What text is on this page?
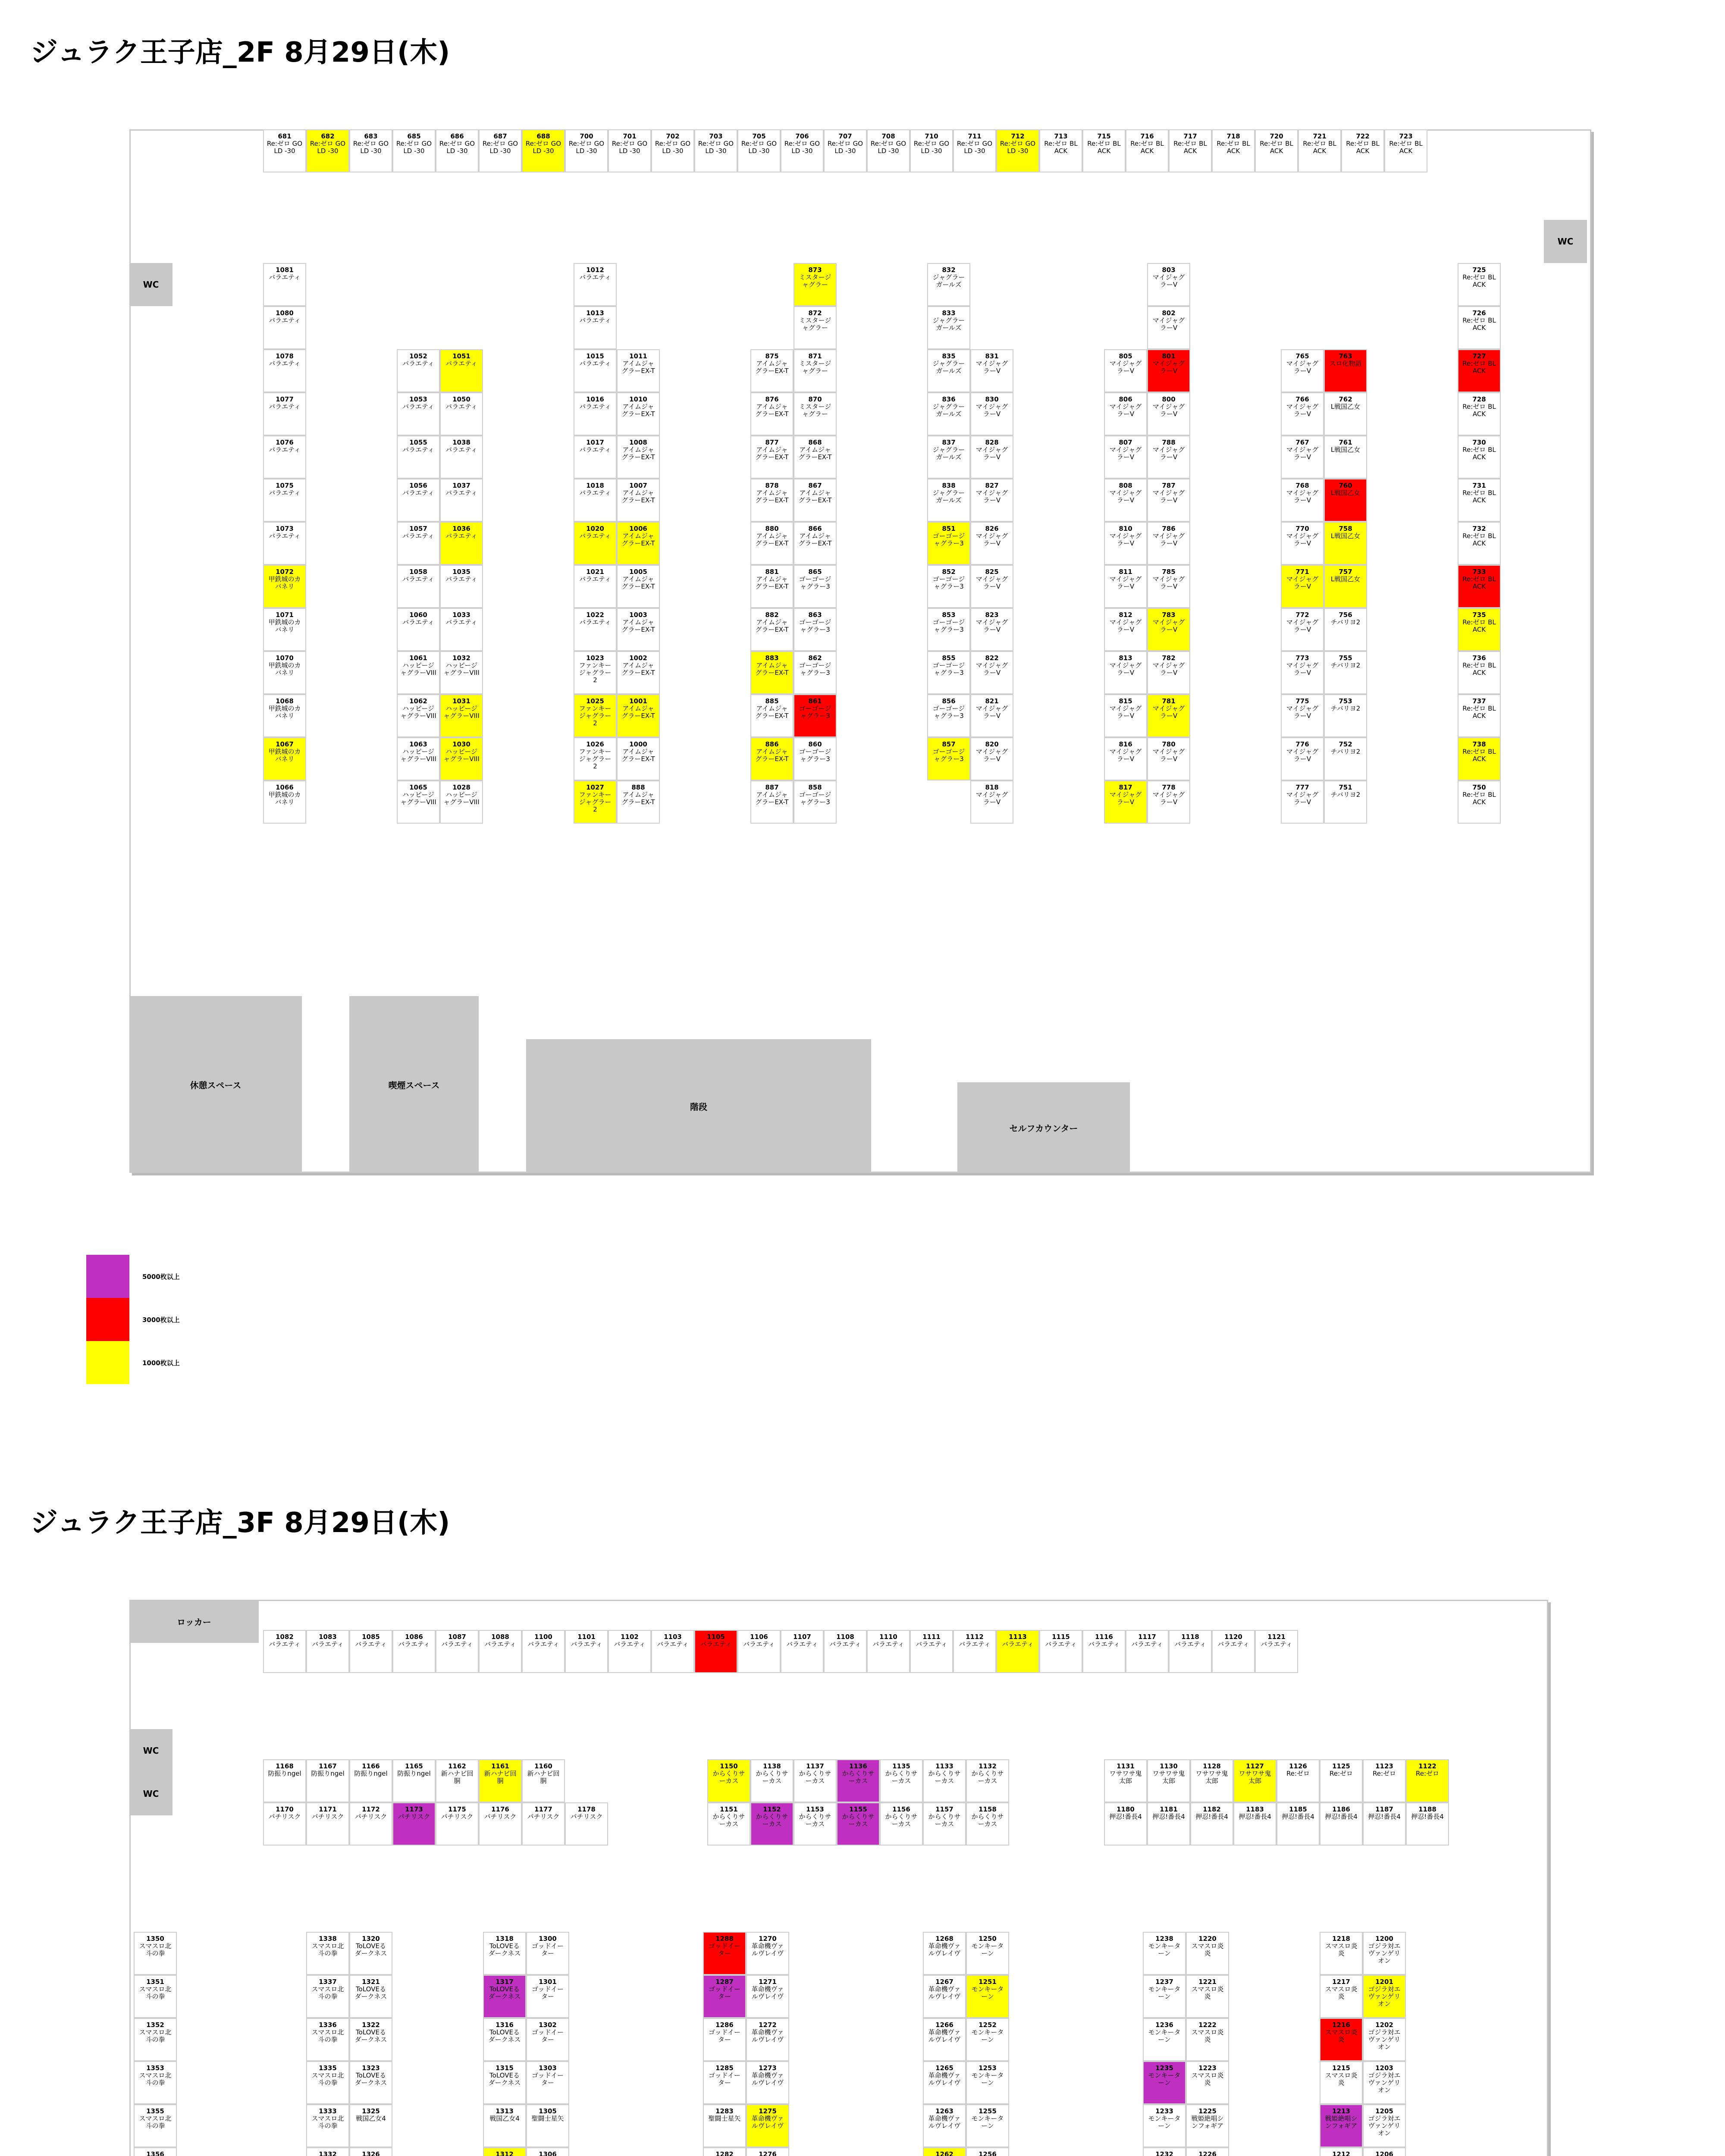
ジュラク王子店_2F 8月29日(木)
WC
WC
休憩スペース	喫煙スペース
階段
セルフカウンター
681
Re:ゼロ GOLD -30
682
Re:ゼロ GOLD -30
683
Re:ゼロ GOLD -30
685
Re:ゼロ GOLD -30
686
Re:ゼロ GOLD -30
687
Re:ゼロ GOLD -30
688
Re:ゼロ GOLD -30
700
Re:ゼロ GOLD -30
701
Re:ゼロ GOLD -30
702
Re:ゼロ GOLD -30
703
Re:ゼロ GOLD -30
705
Re:ゼロ GOLD -30
706
Re:ゼロ GOLD -30
707
Re:ゼロ GOLD -30
708
Re:ゼロ GOLD -30
710
Re:ゼロ GOLD -30
711
Re:ゼロ GOLD -30
712
Re:ゼロ GOLD -30
713
Re:ゼロ BLACK
715
Re:ゼロ BLACK
716
Re:ゼロ BLACK
717
Re:ゼロ BLACK
718
Re:ゼロ BLACK
720
Re:ゼロ BLACK
721
Re:ゼロ BLACK
722
Re:ゼロ BLACK
723
Re:ゼロ BLACK
1081
バラエティ
1080
バラエティ
1078
バラエティ
1077
バラエティ
1076
バラエティ
1075
バラエティ
1073
バラエティ
1072
甲鉄城のカバネリ
1071
甲鉄城のカバネリ
1070
甲鉄城のカバネリ
1068
甲鉄城のカバネリ
1067
甲鉄城のカバネリ
1066
甲鉄城のカバネリ
1052
バラエティ
1053
バラエティ
1055
バラエティ
1056
バラエティ
1057
バラエティ
1058
バラエティ
1060
バラエティ
1061
ハッピージャグラーVIII
1062
ハッピージャグラーVIII
1063
ハッピージャグラーVIII
1065
ハッピージャグラーVIII
1051
バラエティ
1050
バラエティ
1038
バラエティ
1037
バラエティ
1036
バラエティ
1035
バラエティ
1033
バラエティ
1032
ハッピージャグラーVIII
1031
ハッピージャグラーVIII
1030
ハッピージャグラーVIII
1028
ハッピージャグラーVIII
1012
バラエティ
1013
バラエティ
1015
バラエティ
1016
バラエティ
1017
バラエティ
1018
バラエティ
1020
バラエティ
1021
バラエティ
1022
バラエティ
1023
ファンキージャグラー2
1025
ファンキージャグラー2
1026
ファンキージャグラー2
1027
ファンキージャグラー2
1011
アイムジャグラーEX-T
1010
アイムジャグラーEX-T
1008
アイムジャグラーEX-T
1007
アイムジャグラーEX-T
1006
アイムジャグラーEX-T
1005
アイムジャグラーEX-T
1003
アイムジャグラーEX-T
1002
アイムジャグラーEX-T
1001
アイムジャグラーEX-T
1000
アイムジャグラーEX-T
888
アイムジャグラーEX-T
875
アイムジャグラーEX-T
876
アイムジャグラーEX-T
877
アイムジャグラーEX-T
878
アイムジャグラーEX-T
880
アイムジャグラーEX-T
881
アイムジャグラーEX-T
882
アイムジャグラーEX-T
883
アイムジャグラーEX-T
885
アイムジャグラーEX-T
886
アイムジャグラーEX-T
887
アイムジャグラーEX-T
873
ミスタージャグラー
872
ミスタージャグラー
871
ミスタージャグラー
870
ミスタージャグラー
868
アイムジャグラーEX-T
867
アイムジャグラーEX-T
866
アイムジャグラーEX-T
865
ゴーゴージャグラー3
863
ゴーゴージャグラー3
862
ゴーゴージャグラー3
861
ゴーゴージャグラー3
860
ゴーゴージャグラー3
858
ゴーゴージャグラー3
832
ジャグラーガールズ
833
ジャグラーガールズ
835
ジャグラーガールズ
836
ジャグラーガールズ
837
ジャグラーガールズ
838
ジャグラーガールズ
851
ゴーゴージャグラー3
852
ゴーゴージャグラー3
853
ゴーゴージャグラー3
855
ゴーゴージャグラー3
856
ゴーゴージャグラー3
857
ゴーゴージャグラー3
831
マイジャグラーV
830
マイジャグラーV
828
マイジャグラーV
827
マイジャグラーV
826
マイジャグラーV
825
マイジャグラーV
823
マイジャグラーV
822
マイジャグラーV
821
マイジャグラーV
820
マイジャグラーV
818
マイジャグラーV
805
マイジャグラーV
806
マイジャグラーV
807
マイジャグラーV
808
マイジャグラーV
810
マイジャグラーV
811
マイジャグラーV
812
マイジャグラーV
813
マイジャグラーV
815
マイジャグラーV
816
マイジャグラーV
817
マイジャグラーV
803
マイジャグラーV
802
マイジャグラーV
801
マイジャグラーV
800
マイジャグラーV
788
マイジャグラーV
787
マイジャグラーV
786
マイジャグラーV
785
マイジャグラーV
783
マイジャグラーV
782
マイジャグラーV
781
マイジャグラーV
780
マイジャグラーV
778
マイジャグラーV
765
マイジャグラーV
766
マイジャグラーV
767
マイジャグラーV
768
マイジャグラーV
770
マイジャグラーV
771
マイジャグラーV
772
マイジャグラーV
773
マイジャグラーV
775
マイジャグラーV
776
マイジャグラーV
777
マイジャグラーV
763
スロ化物語
762
L戦国乙女
761
L戦国乙女
760
L戦国乙女
758
L戦国乙女
757
L戦国乙女
756
チバリヨ2
755
チバリヨ2
753
チバリヨ2
752
チバリヨ2
751
チバリヨ2
725
Re:ゼロ BLACK
726
Re:ゼロ BLACK
727
Re:ゼロ BLACK
728
Re:ゼロ BLACK
730
Re:ゼロ BLACK
731
Re:ゼロ BLACK
732
Re:ゼロ BLACK
733
Re:ゼロ BLACK
735
Re:ゼロ BLACK
736
Re:ゼロ BLACK
737
Re:ゼロ BLACK
738
Re:ゼロ BLACK
750
Re:ゼロ BLACK
5000枚以上
3000枚以上
1000枚以上
ジュラク王子店_3F 8月29日(木)
ロッカー
WC
WC
1082
バラエティ
1083
バラエティ
1085
バラエティ
1086
バラエティ
1087
バラエティ
1088
バラエティ
1100
バラエティ
1101
バラエティ
1102
バラエティ
1103
バラエティ
1105
バラエティ
1106
バラエティ
1107
バラエティ
1108
バラエティ
1110
バラエティ
1111
バラエティ
1112
バラエティ
1113
バラエティ
1115
バラエティ
1116
バラエティ
1117
バラエティ
1118
バラエティ
1120
バラエティ
1121
バラエティ
1168
防振りngel
1167
防振りngel
1166
防振りngel
1165
防振りngel
1162
新ハナビ回胴
1161
新ハナビ回胴
1160
新ハナビ回胴
1170
パチリスク
1171
パチリスク
1172
パチリスク
1173
パチリスク
1175
パチリスク
1176
パチリスク
1177
パチリスク
1178
パチリスク
1150
からくりサーカス
1138
からくりサーカス
1137
からくりサーカス
1136
からくりサーカス
1135
からくりサーカス
1133
からくりサーカス
1132
からくりサーカス
1151
からくりサーカス
1152
からくりサーカス
1153
からくりサーカス
1155
からくりサーカス
1156
からくりサーカス
1157
からくりサーカス
1158
からくりサーカス
1131
ワサワサ鬼太郎
1130
ワサワサ鬼太郎
1128
ワサワサ鬼太郎
1127
ワサワサ鬼太郎
1126
Re:ゼロ
1125
Re:ゼロ
1123
Re:ゼロ
1122
Re:ゼロ
1180
押忍!番長4
1181
押忍!番長4
1182
押忍!番長4
1183
押忍!番長4
1185
押忍!番長4
1186
押忍!番長4
1187
押忍!番長4
1188
押忍!番長4
1350
スマスロ北斗の拳
1351
スマスロ北斗の拳
1352
スマスロ北斗の拳
1353
スマスロ北斗の拳
1355
スマスロ北斗の拳
1356
1338
スマスロ北斗の拳
1337
スマスロ北斗の拳
1336
スマスロ北斗の拳
1335
スマスロ北斗の拳
1333
スマスロ北斗の拳
1332
1320
ToLOVEるダークネス
1321
ToLOVEるダークネス
1322
ToLOVEるダークネス
1323
ToLOVEるダークネス
1325
戦国乙女4
1326
1318
ToLOVEるダークネス
1317
ToLOVEるダークネス
1316
ToLOVEるダークネス
1315
ToLOVEるダークネス
1313
戦国乙女4
1312
1300
ゴッドイーター
1301
ゴッドイーター
1302
ゴッドイーター
1303
ゴッドイーター
1305
聖闘士星矢
1306
1288
ゴッドイーター
1287
ゴッドイーター
1286
ゴッドイーター
1285
ゴッドイーター
1283
聖闘士星矢
1282
1270
革命機ヴァルヴレイヴ
1271
革命機ヴァルヴレイヴ
1272
革命機ヴァルヴレイヴ
1273
革命機ヴァルヴレイヴ
1275
革命機ヴァルヴレイヴ
1276
1268
革命機ヴァルヴレイヴ
1267
革命機ヴァルヴレイヴ
1266
革命機ヴァルヴレイヴ
1265
革命機ヴァルヴレイヴ
1263
革命機ヴァルヴレイヴ
1262
1250
モンキーターン
1251
モンキーターン
1252
モンキーターン
1253
モンキーターン
1255
モンキーターン
1256
1238
モンキーターン
1237
モンキーターン
1236
モンキーターン
1235
モンキーターン
1233
モンキーターン
1232
1220
スマスロ炎炎
1221
スマスロ炎炎
1222
スマスロ炎炎
1223
スマスロ炎炎
1225
戦姫絶唱シンフォギア
1226
1218
スマスロ炎炎
1217
スマスロ炎炎
1216
スマスロ炎炎
1215
スマスロ炎炎
1213
戦姫絶唱シンフォギア
1212
1200
ゴジラ対エヴァンゲリオン
1201
ゴジラ対エヴァンゲリオン
1202
ゴジラ対エヴァンゲリオン
1203
ゴジラ対エヴァンゲリオン
1205
ゴジラ対エヴァンゲリオン
1206
